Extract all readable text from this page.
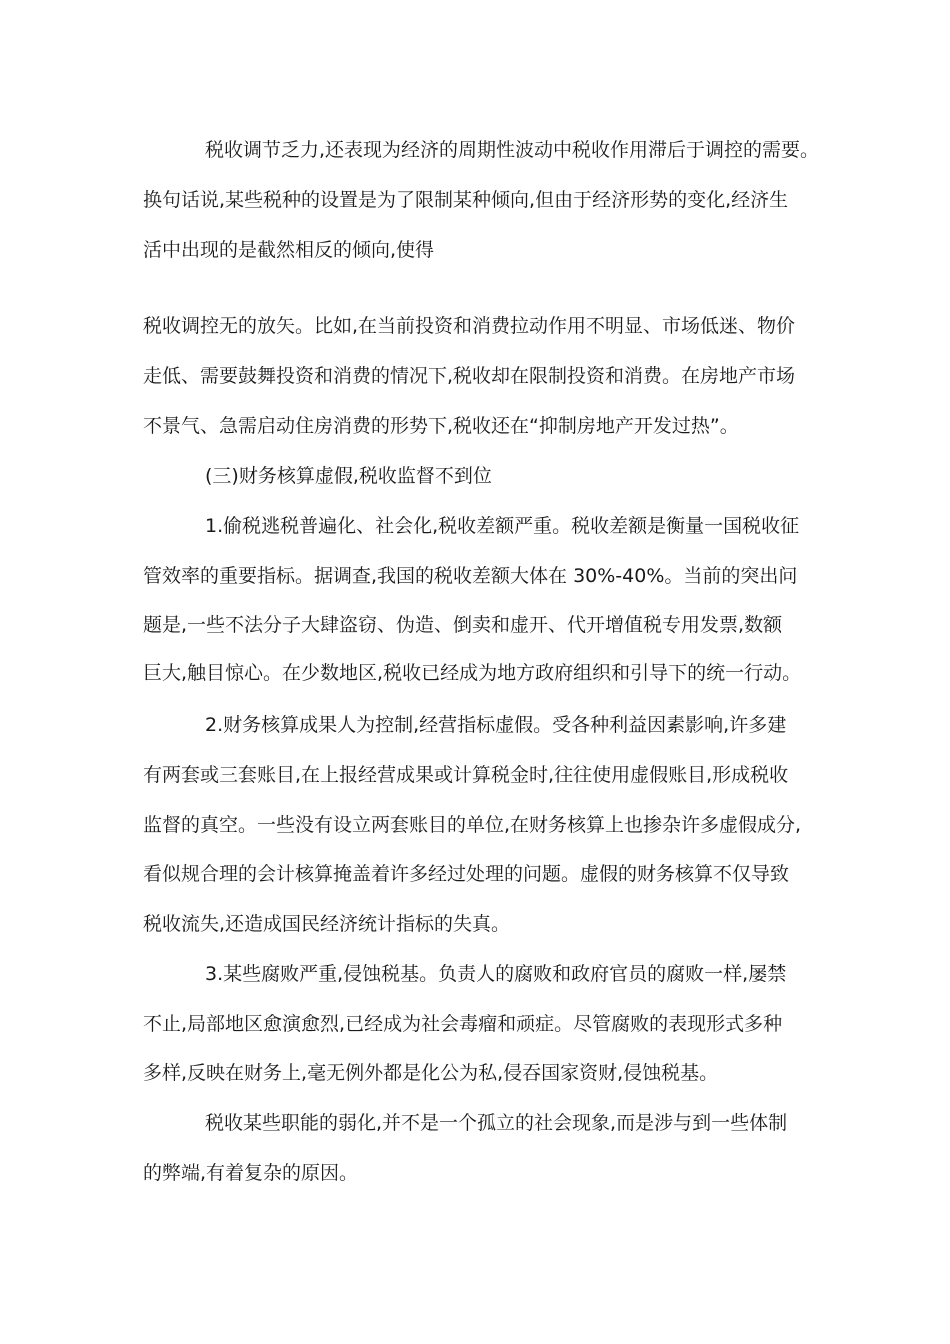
税收调节乏力,还表现为经济的周期性波动中税收作用滞后于调控的需要。
换句话说,某些税种的设置是为了限制某种倾向,但由于经济形势的变化,经济生
活中出现的是截然相反的倾向,使得
税收调控无的放矢。比如,在当前投资和消费拉动作用不明显、市场低迷、物价
走低、需要鼓舞投资和消费的情况下,税收却在限制投资和消费。在房地产市场
不景气、急需启动住房消费的形势下,税收还在“抑制房地产开发过热”。
(三)财务核算虚假,税收监督不到位
1.偷税逃税普遍化、社会化,税收差额严重。税收差额是衡量一国税收征
管效率的重要指标。据调查,我国的税收差额大体在 30%-40%。当前的突出问
题是,一些不法分子大肆盗窃、伪造、倒卖和虚开、代开增值税专用发票,数额
巨大,触目惊心。在少数地区,税收已经成为地方政府组织和引导下的统一行动。
2.财务核算成果人为控制,经营指标虚假。受各种利益因素影响,许多建
有两套或三套账目,在上报经营成果或计算税金时,往往使用虚假账目,形成税收
监督的真空。一些没有设立两套账目的单位,在财务核算上也掺杂许多虚假成分,
看似规合理的会计核算掩盖着许多经过处理的问题。虚假的财务核算不仅导致
税收流失,还造成国民经济统计指标的失真。
3.某些腐败严重,侵蚀税基。负责人的腐败和政府官员的腐败一样,屡禁
不止,局部地区愈演愈烈,已经成为社会毒瘤和顽症。尽管腐败的表现形式多种
多样,反映在财务上,毫无例外都是化公为私,侵吞国家资财,侵蚀税基。
税收某些职能的弱化,并不是一个孤立的社会现象,而是涉与到一些体制
的弊端,有着复杂的原因。
